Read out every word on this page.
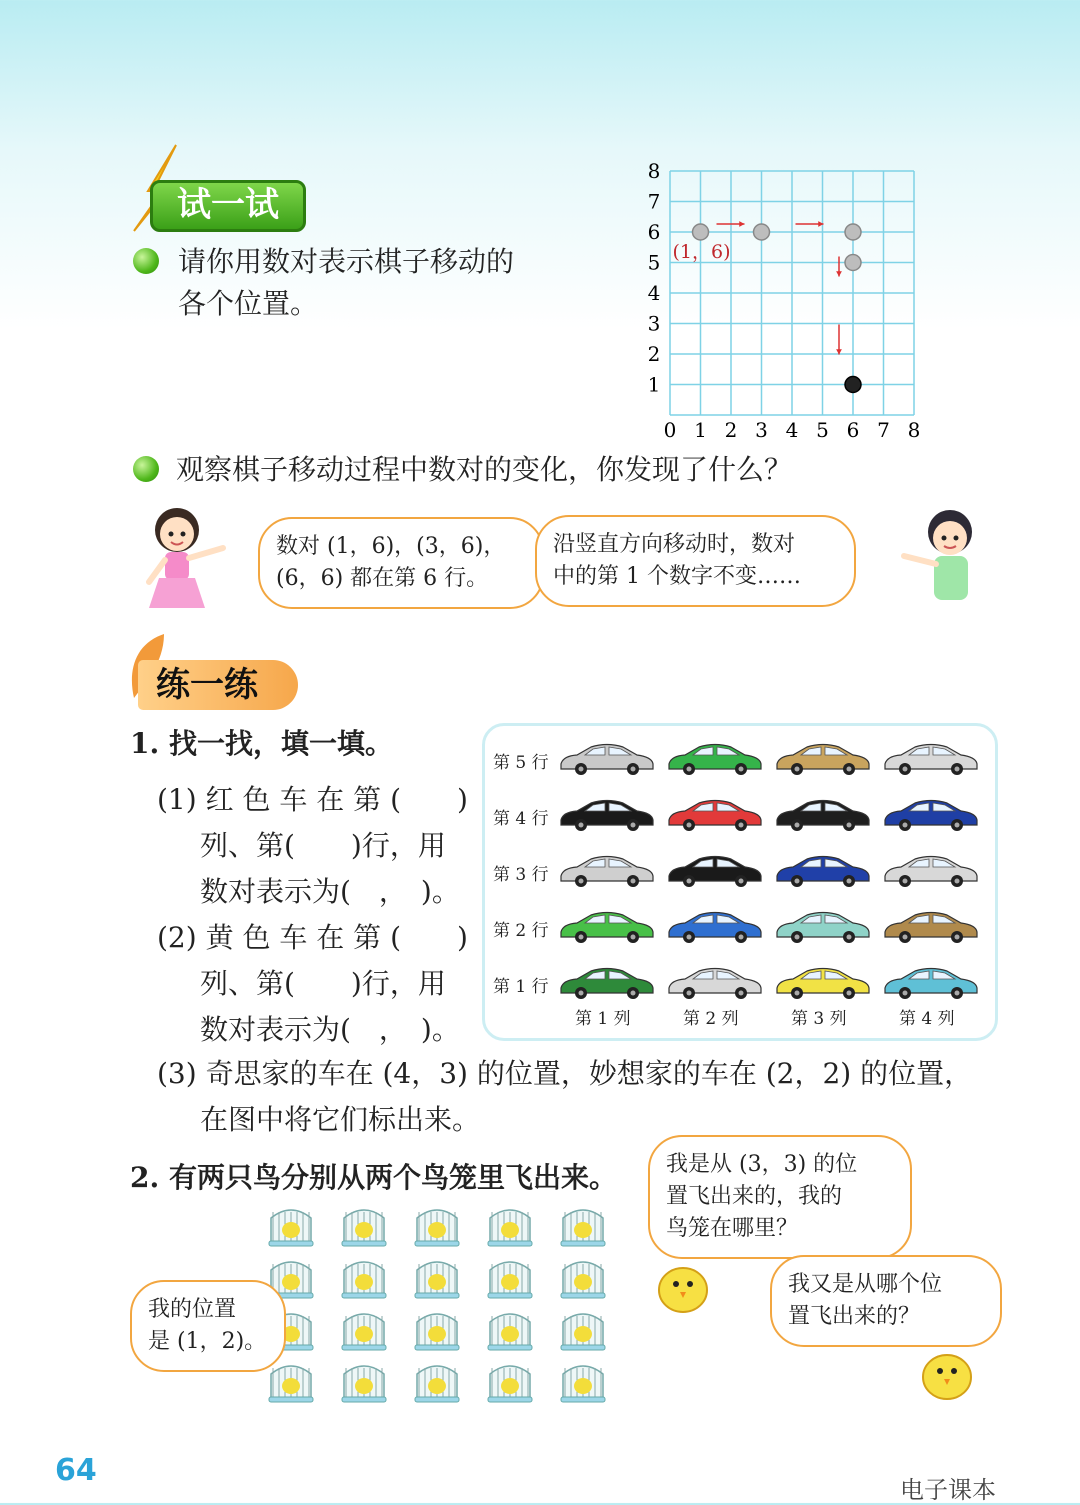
试一试
请你用数对表示棋子移动的
各个位置。
0 1 2 3 4 5 6 7 8
8
7
6
5
4
3
2
1
(1，6)
观察棋子移动过程中数对的变化，你发现了什么？
数对 (1，6)，(3，6)，
(6，6) 都在第 6 行。
沿竖直方向移动时，数对
中的第 1 个数字不变……
练一练
1. 找一找，填一填。
(1) 红 色 车 在 第 (　　)
列、第(　　)行，用
数对表示为(　，　)。
(2) 黄 色 车 在 第 (　　)
列、第(　　)行，用
数对表示为(　，　)。
第 5 行
第 4 行
第 3 行
第 2 行
第 1 行
第 1 列	第 2 列	第 3 列	第 4 列
(3) 奇思家的车在 (4，3) 的位置，妙想家的车在 (2，2) 的位置，
在图中将它们标出来。
2. 有两只鸟分别从两个鸟笼里飞出来。
我的位置
是 (1，2)。
我是从 (3，3) 的位
置飞出来的，我的
鸟笼在哪里？
我又是从哪个位
置飞出来的？
64
电子课本
